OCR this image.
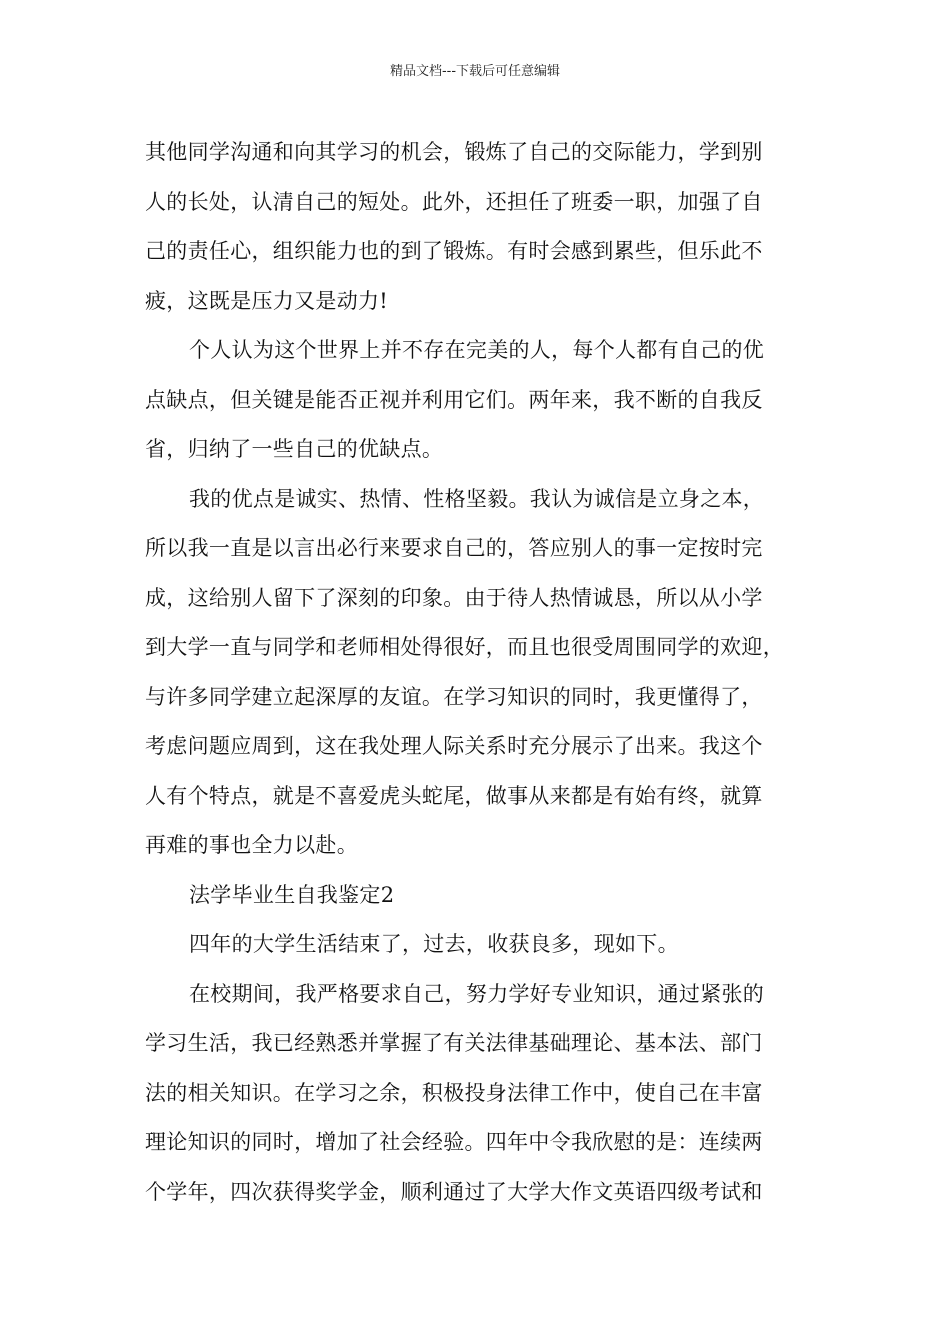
精品文档---下载后可任意编辑
其他同学沟通和向其学习的机会，锻炼了自己的交际能力，学到别
人的长处，认清自己的短处。此外，还担任了班委一职，加强了自
己的责任心，组织能力也的到了锻炼。有时会感到累些，但乐此不
疲，这既是压力又是动力!
个人认为这个世界上并不存在完美的人，每个人都有自己的优
点缺点，但关键是能否正视并利用它们。两年来，我不断的自我反
省，归纳了一些自己的优缺点。
我的优点是诚实、热情、性格坚毅。我认为诚信是立身之本，
所以我一直是以言出必行来要求自己的，答应别人的事一定按时完
成，这给别人留下了深刻的印象。由于待人热情诚恳，所以从小学
到大学一直与同学和老师相处得很好，而且也很受周围同学的欢迎，
与许多同学建立起深厚的友谊。在学习知识的同时，我更懂得了，
考虑问题应周到，这在我处理人际关系时充分展示了出来。我这个
人有个特点，就是不喜爱虎头蛇尾，做事从来都是有始有终，就算
再难的事也全力以赴。
法学毕业生自我鉴定2
四年的大学生活结束了，过去，收获良多，现如下。
在校期间，我严格要求自己，努力学好专业知识，通过紧张的
学习生活，我已经熟悉并掌握了有关法律基础理论、基本法、部门
法的相关知识。在学习之余，积极投身法律工作中，使自己在丰富
理论知识的同时，增加了社会经验。四年中令我欣慰的是：连续两
个学年，四次获得奖学金，顺利通过了大学大作文英语四级考试和
